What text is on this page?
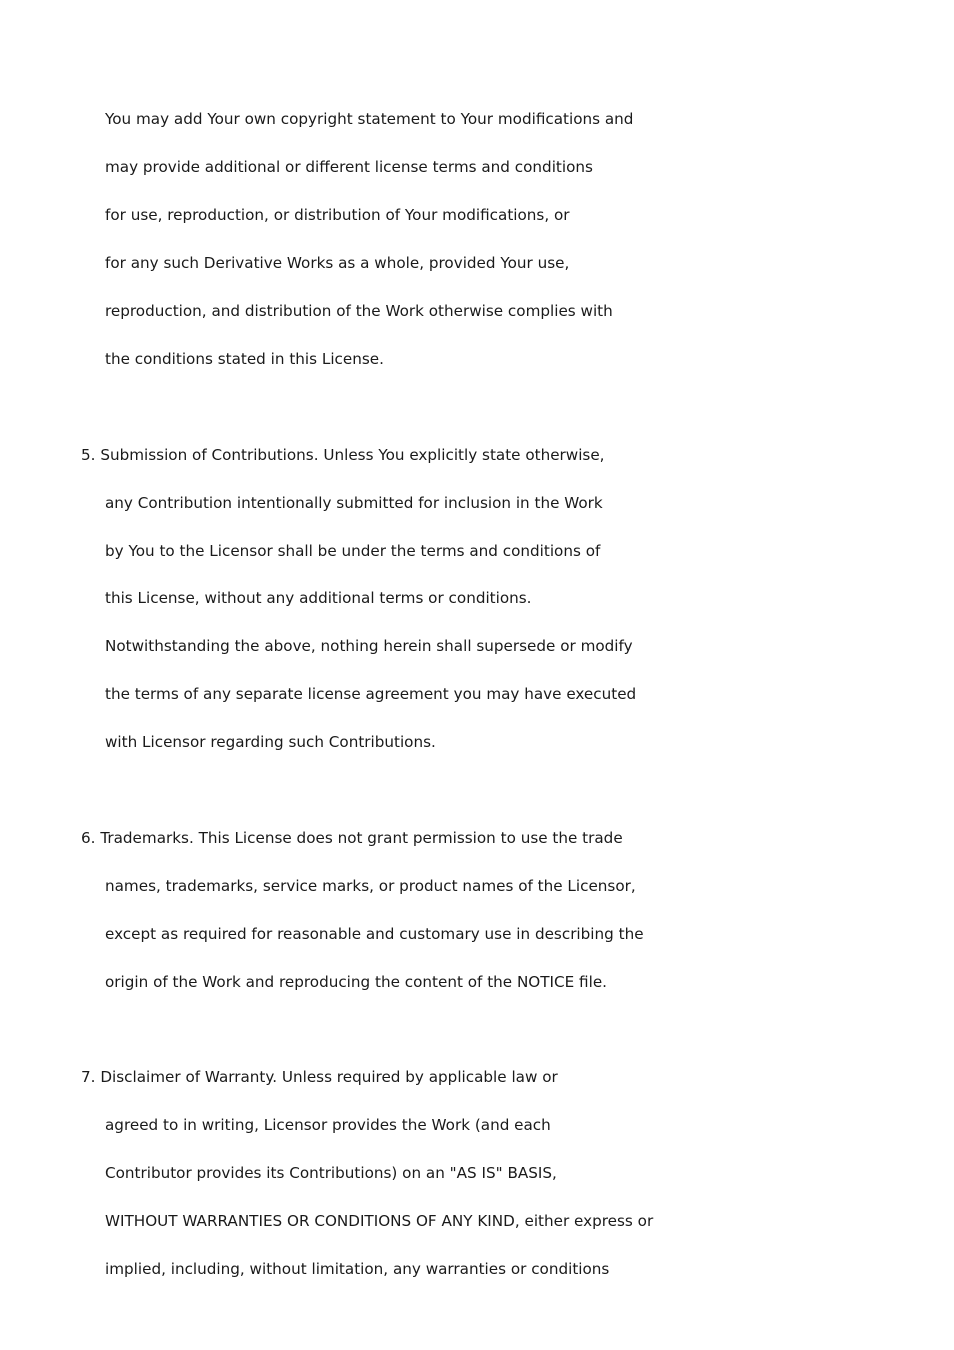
You may add Your own copyright statement to Your modifications and
may provide additional or different license terms and conditions
for use, reproduction, or distribution of Your modifications, or
for any such Derivative Works as a whole, provided Your use,
reproduction, and distribution of the Work otherwise complies with
the conditions stated in this License.
5. Submission of Contributions. Unless You explicitly state otherwise,
any Contribution intentionally submitted for inclusion in the Work
by You to the Licensor shall be under the terms and conditions of
this License, without any additional terms or conditions.
Notwithstanding the above, nothing herein shall supersede or modify
the terms of any separate license agreement you may have executed
with Licensor regarding such Contributions.
6. Trademarks. This License does not grant permission to use the trade
names, trademarks, service marks, or product names of the Licensor,
except as required for reasonable and customary use in describing the
origin of the Work and reproducing the content of the NOTICE file.
7. Disclaimer of Warranty. Unless required by applicable law or
agreed to in writing, Licensor provides the Work (and each
Contributor provides its Contributions) on an "AS IS" BASIS,
WITHOUT WARRANTIES OR CONDITIONS OF ANY KIND, either express or
implied, including, without limitation, any warranties or conditions
